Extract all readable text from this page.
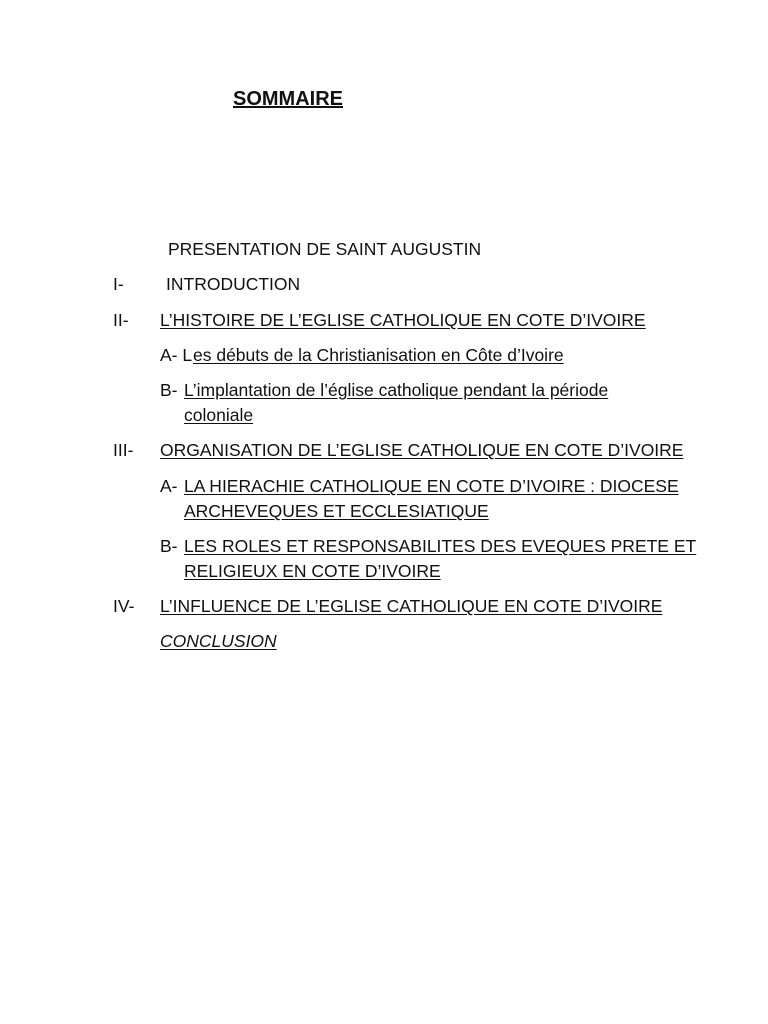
SOMMAIRE
PRESENTATION DE SAINT AUGUSTIN
I- INTRODUCTION
II- L’HISTOIRE DE L’EGLISE CATHOLIQUE EN COTE D’IVOIRE
A- L es débuts de la Christianisation en Côte d’Ivoire
B- L’implantation de l’église catholique pendant la période
coloniale
III- ORGANISATION DE L’EGLISE CATHOLIQUE EN COTE D’IVOIRE
A- LA HIERACHIE CATHOLIQUE EN COTE D’IVOIRE : DIOCESE
ARCHEVEQUES ET ECCLESIATIQUE
B- LES ROLES ET RESPONSABILITES DES EVEQUES PRETE ET
RELIGIEUX EN COTE D’IVOIRE
IV- L’INFLUENCE DE L’EGLISE CATHOLIQUE EN COTE D’IVOIRE
CONCLUSION
